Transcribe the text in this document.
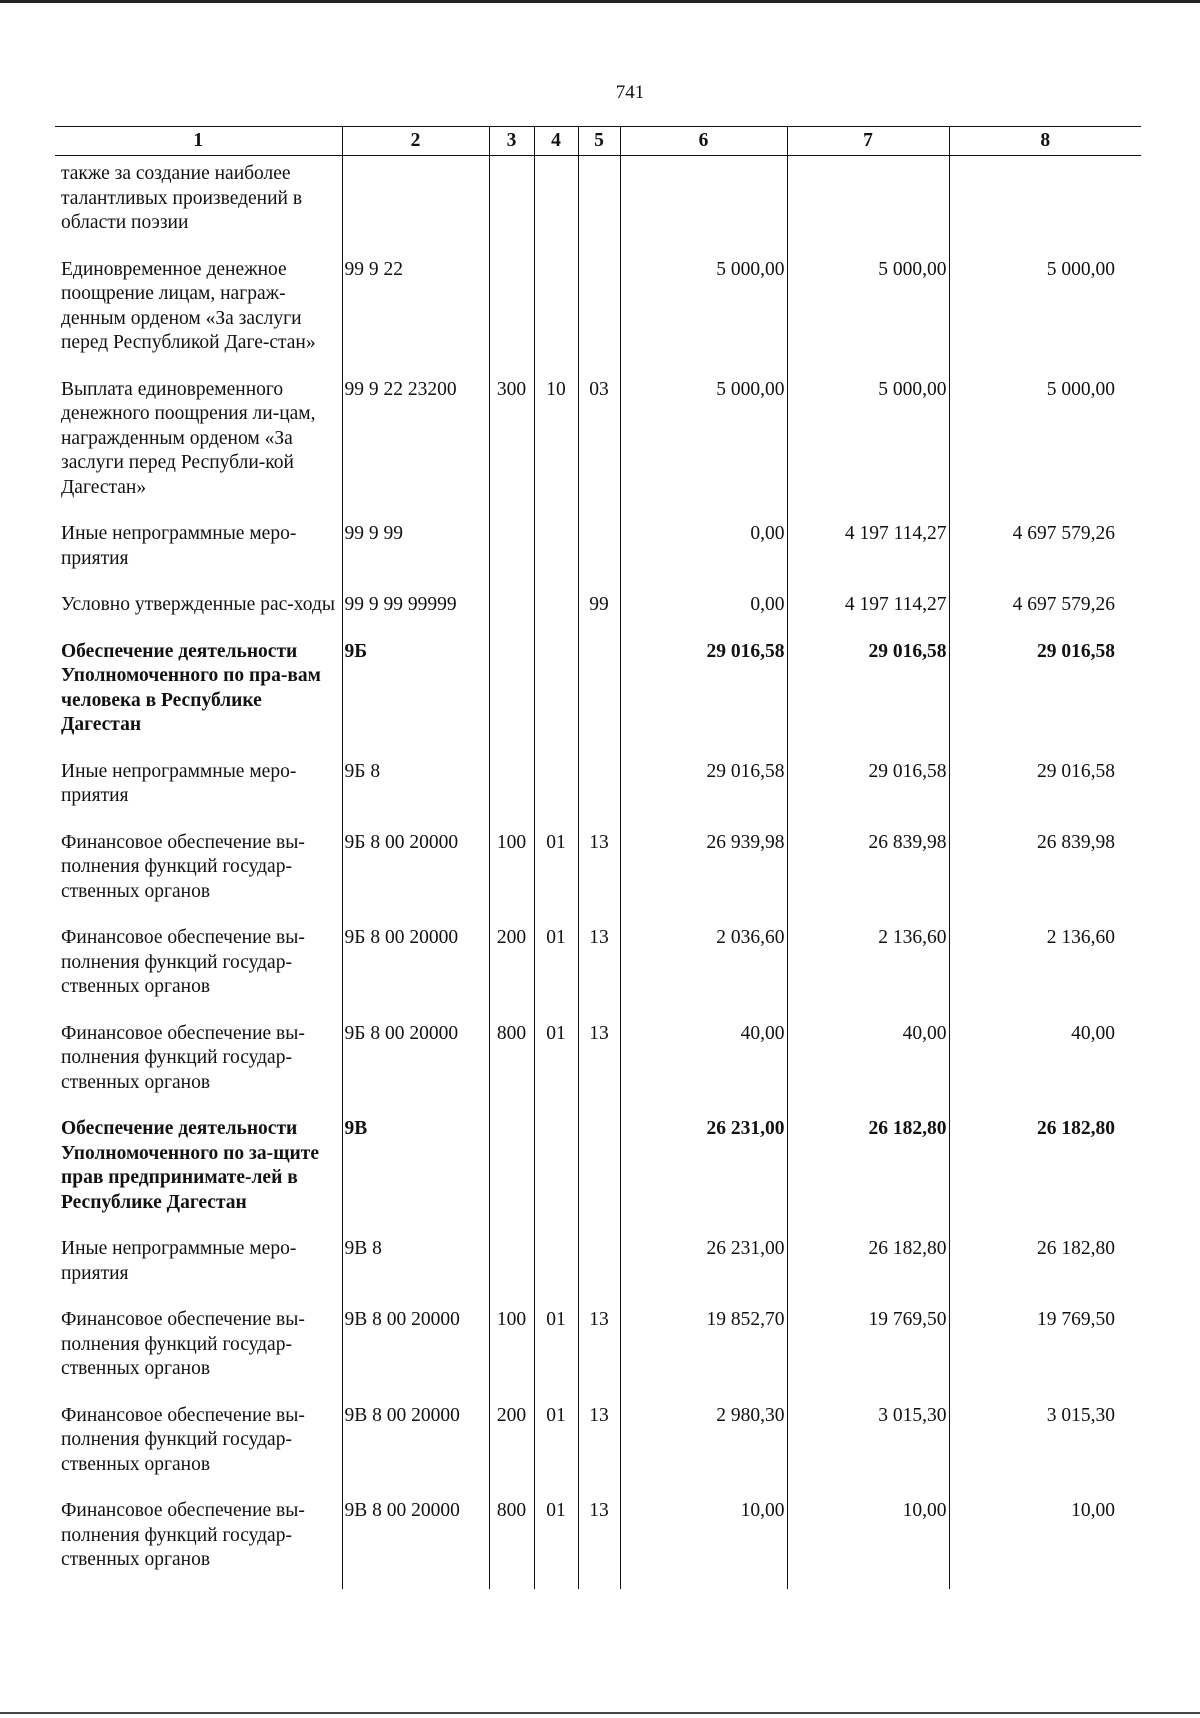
741
1	2	3	4	5	6	7	8
также за создание наиболее талантливых произведений в области поэзии							
Единовременное денежное поощрение лицам, награж-денным орденом «За заслуги перед Республикой Даге-стан»	99 9 22				5 000,00	5 000,00	5 000,00
Выплата единовременного денежного поощрения ли-цам, награжденным орденом «За заслуги перед Республи-кой Дагестан»	99 9 22 23200	300	10	03	5 000,00	5 000,00	5 000,00
Иные непрограммные меро-приятия	99 9 99				0,00	4 197 114,27	4 697 579,26
Условно утвержденные рас-ходы	99 9 99 99999			99	0,00	4 197 114,27	4 697 579,26
Обеспечение деятельности Уполномоченного по пра-вам человека в Республике Дагестан	9Б				29 016,58	29 016,58	29 016,58
Иные непрограммные меро-приятия	9Б 8				29 016,58	29 016,58	29 016,58
Финансовое обеспечение вы-полнения функций государ-ственных органов	9Б 8 00 20000	100	01	13	26 939,98	26 839,98	26 839,98
Финансовое обеспечение вы-полнения функций государ-ственных органов	9Б 8 00 20000	200	01	13	2 036,60	2 136,60	2 136,60
Финансовое обеспечение вы-полнения функций государ-ственных органов	9Б 8 00 20000	800	01	13	40,00	40,00	40,00
Обеспечение деятельности Уполномоченного по за-щите прав предпринимате-лей в Республике Дагестан	9В				26 231,00	26 182,80	26 182,80
Иные непрограммные меро-приятия	9В 8				26 231,00	26 182,80	26 182,80
Финансовое обеспечение вы-полнения функций государ-ственных органов	9В 8 00 20000	100	01	13	19 852,70	19 769,50	19 769,50
Финансовое обеспечение вы-полнения функций государ-ственных органов	9В 8 00 20000	200	01	13	2 980,30	3 015,30	3 015,30
Финансовое обеспечение вы-полнения функций государ-ственных органов	9В 8 00 20000	800	01	13	10,00	10,00	10,00
